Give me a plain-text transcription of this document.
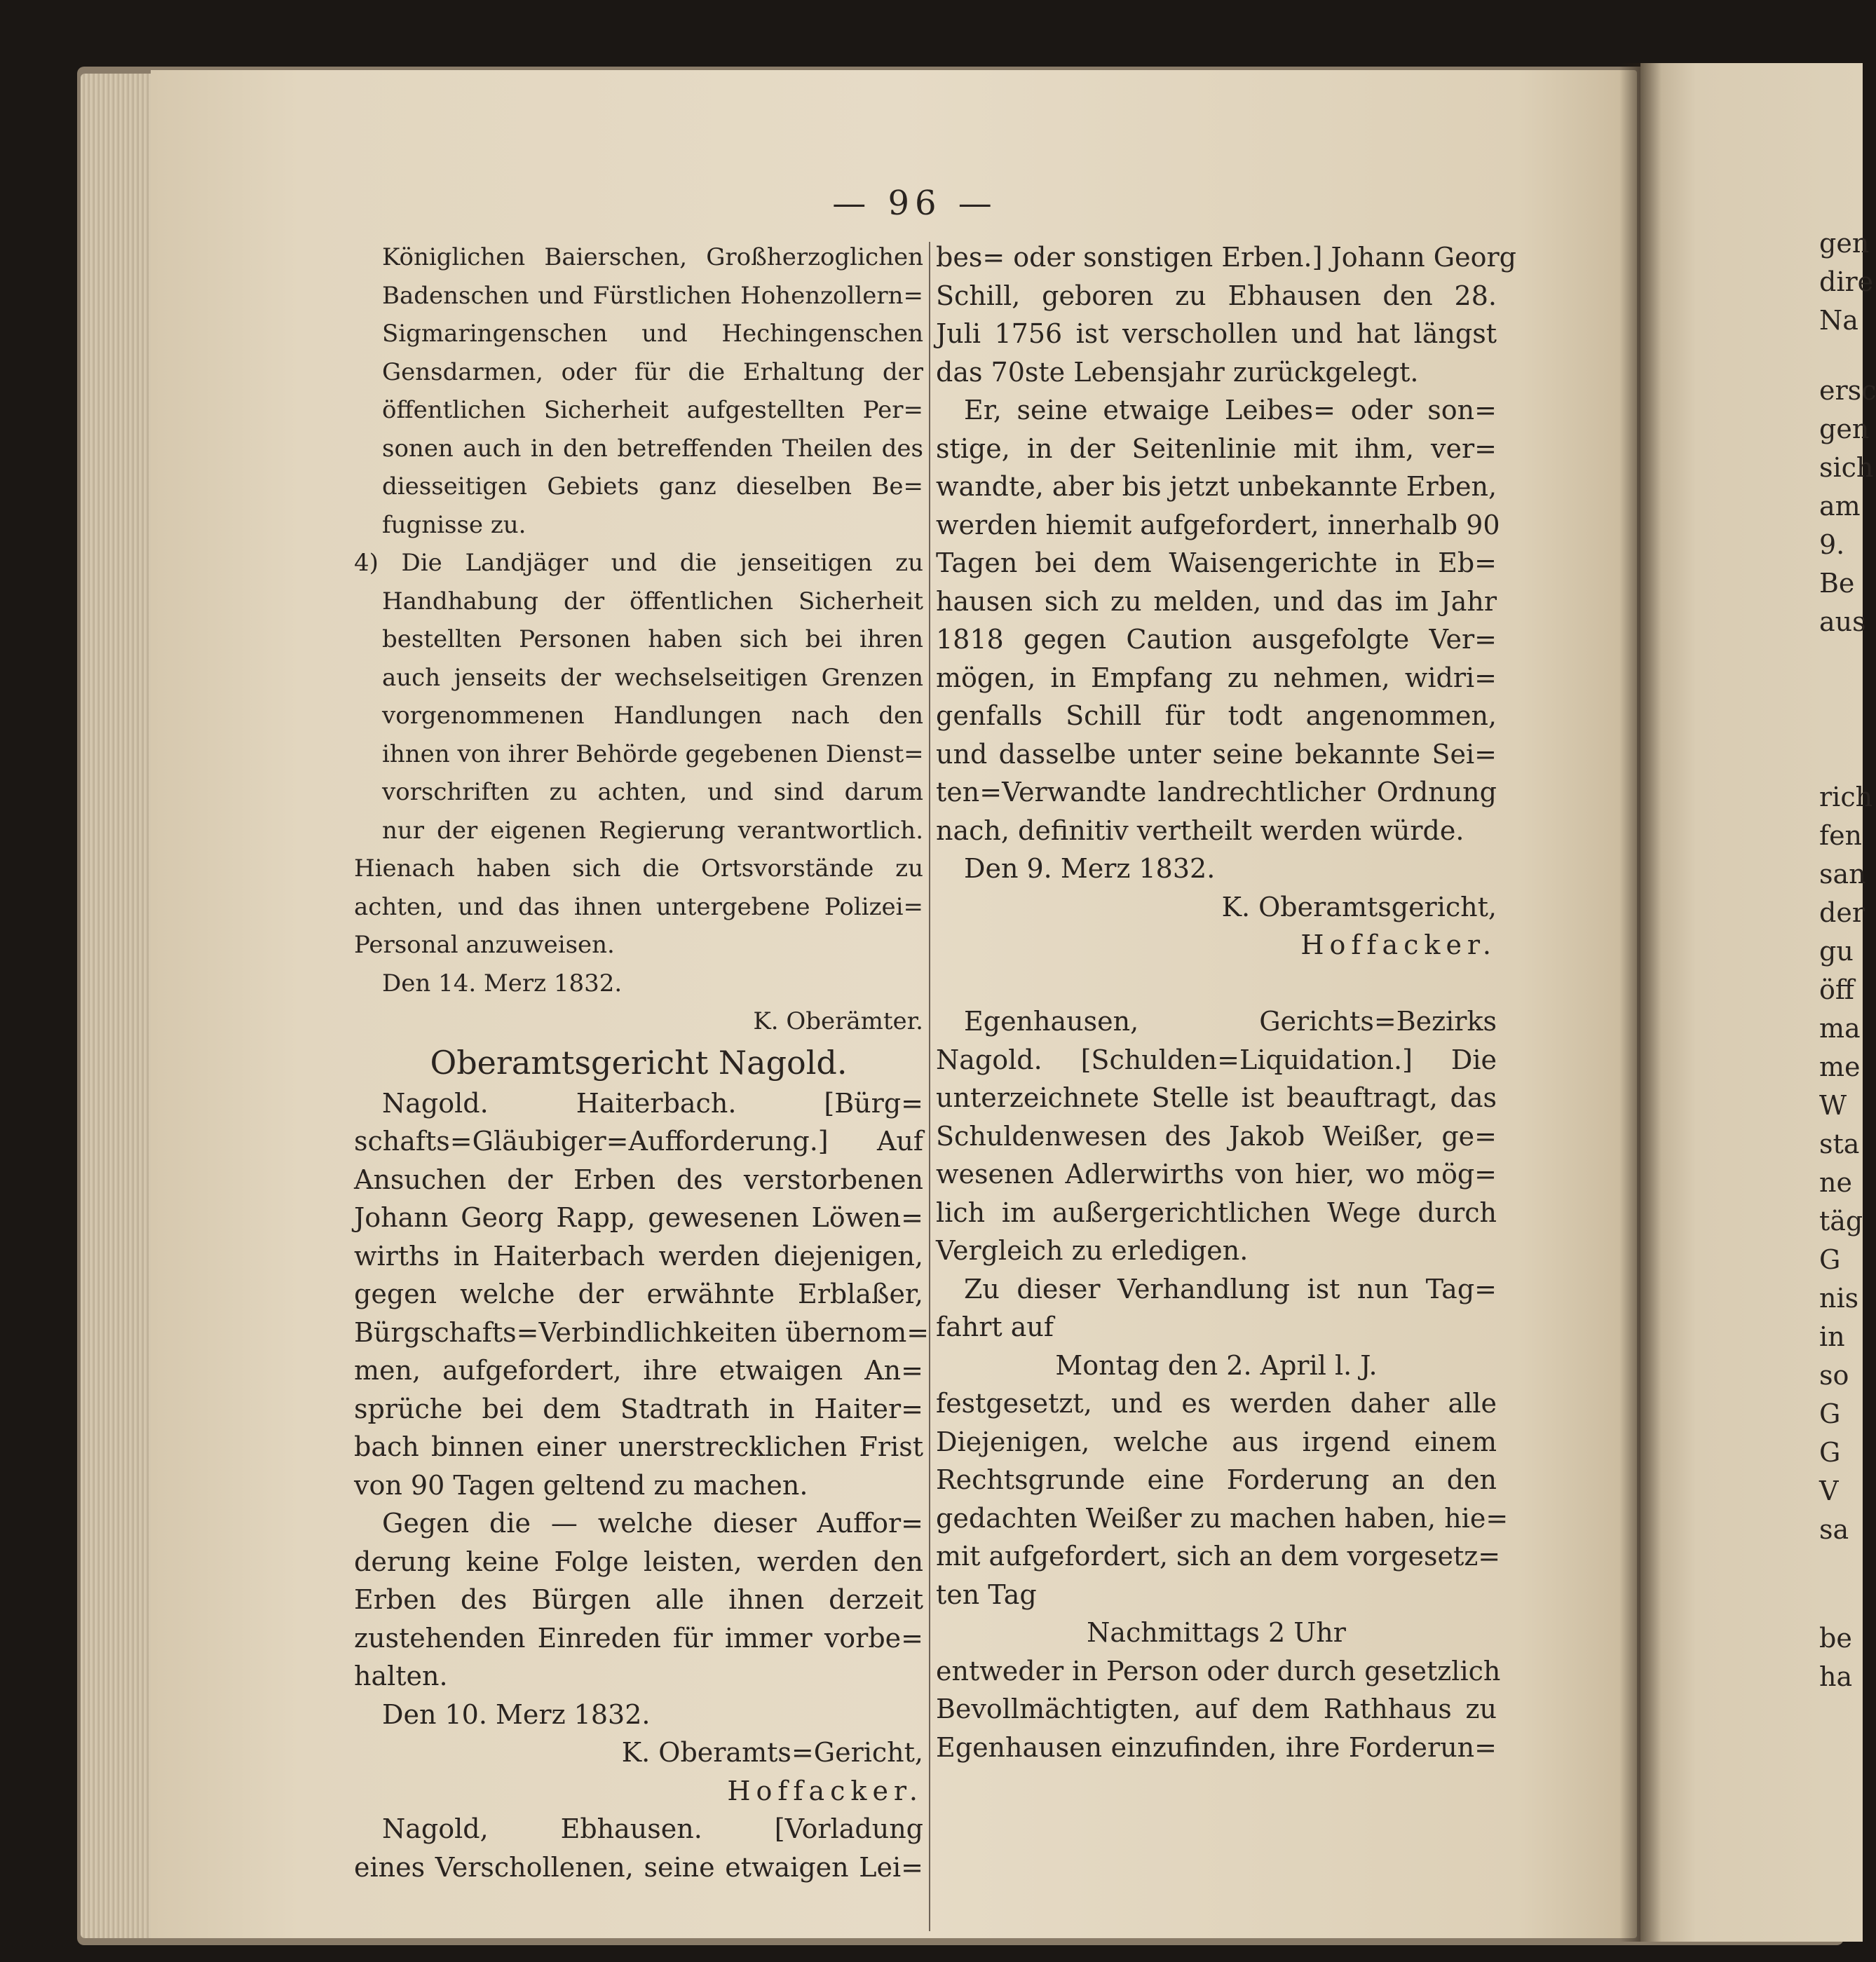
— 96 —
Königlichen Baierschen, Großherzoglichen
Badenschen und Fürstlichen Hohenzollern=
Sigmaringenschen und Hechingenschen
Gensdarmen, oder für die Erhaltung der
öffentlichen Sicherheit aufgestellten Per=
sonen auch in den betreffenden Theilen des
diesseitigen Gebiets ganz dieselben Be=
fugnisse zu.
4) Die Landjäger und die jenseitigen zu
Handhabung der öffentlichen Sicherheit
bestellten Personen haben sich bei ihren
auch jenseits der wechselseitigen Grenzen
vorgenommenen Handlungen nach den
ihnen von ihrer Behörde gegebenen Dienst=
vorschriften zu achten, und sind darum
nur der eigenen Regierung verantwortlich.
Hienach haben sich die Ortsvorstände zu
achten, und das ihnen untergebene Polizei=
Personal anzuweisen.
Den 14. Merz 1832.
K. Oberämter.
Oberamtsgericht Nagold.
Nagold. Haiterbach. [Bürg=
schafts=Gläubiger=Aufforderung.] Auf
Ansuchen der Erben des verstorbenen
Johann Georg Rapp, gewesenen Löwen=
wirths in Haiterbach werden diejenigen,
gegen welche der erwähnte Erblaßer,
Bürgschafts=Verbindlichkeiten übernom=
men, aufgefordert, ihre etwaigen An=
sprüche bei dem Stadtrath in Haiter=
bach binnen einer unerstrecklichen Frist
von 90 Tagen geltend zu machen.
Gegen die — welche dieser Auffor=
derung keine Folge leisten, werden den
Erben des Bürgen alle ihnen derzeit
zustehenden Einreden für immer vorbe=
halten.
Den 10. Merz 1832.
K. Oberamts=Gericht,
Hoffacker.
Nagold, Ebhausen. [Vorladung
eines Verschollenen, seine etwaigen Lei=
bes= oder sonstigen Erben.] Johann Georg
Schill, geboren zu Ebhausen den 28.
Juli 1756 ist verschollen und hat längst
das 70ste Lebensjahr zurückgelegt.
Er, seine etwaige Leibes= oder son=
stige, in der Seitenlinie mit ihm, ver=
wandte, aber bis jetzt unbekannte Erben,
werden hiemit aufgefordert, innerhalb 90
Tagen bei dem Waisengerichte in Eb=
hausen sich zu melden, und das im Jahr
1818 gegen Caution ausgefolgte Ver=
mögen, in Empfang zu nehmen, widri=
genfalls Schill für todt angenommen,
und dasselbe unter seine bekannte Sei=
ten=Verwandte landrechtlicher Ordnung
nach, definitiv vertheilt werden würde.
Den 9. Merz 1832.
K. Oberamtsgericht,
Hoffacker.
Egenhausen, Gerichts=Bezirks
Nagold. [Schulden=Liquidation.] Die
unterzeichnete Stelle ist beauftragt, das
Schuldenwesen des Jakob Weißer, ge=
wesenen Adlerwirths von hier, wo mög=
lich im außergerichtlichen Wege durch
Vergleich zu erledigen.
Zu dieser Verhandlung ist nun Tag=
fahrt auf
Montag den 2. April l. J.
festgesetzt, und es werden daher alle
Diejenigen, welche aus irgend einem
Rechtsgrunde eine Forderung an den
gedachten Weißer zu machen haben, hie=
mit aufgefordert, sich an dem vorgesetz=
ten Tag
Nachmittags 2 Uhr
entweder in Person oder durch gesetzlich
Bevollmächtigten, auf dem Rathhaus zu
Egenhausen einzufinden, ihre Forderun=
gen
dire
Na
ersc
gen
sich
am
9.
Be
aus
rich
fen
san
der
gu
öff
ma
me
W
sta
ne
täg
G
nis
in
so
G
G
V
sa
be
ha
